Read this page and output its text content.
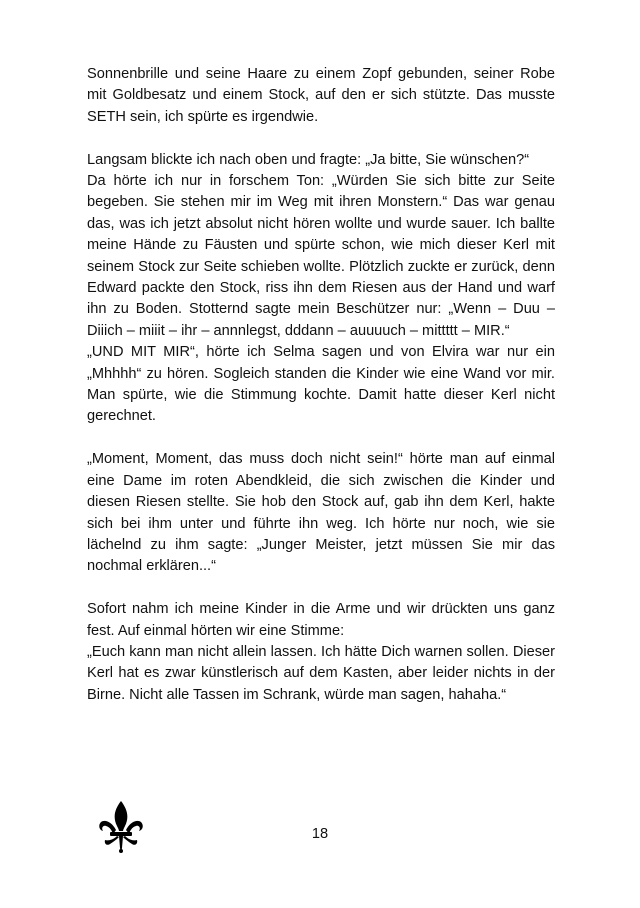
Sonnenbrille und seine Haare zu einem Zopf gebunden, seiner Robe mit Goldbesatz und einem Stock, auf den er sich stützte. Das musste SETH sein, ich spürte es irgendwie.

Langsam blickte ich nach oben und fragte: „Ja bitte, Sie wünschen?“
Da hörte ich nur in forschem Ton: „Würden Sie sich bitte zur Seite begeben. Sie stehen mir im Weg mit ihren Monstern.“ Das war genau das, was ich jetzt absolut nicht hören wollte und wurde sauer. Ich ballte meine Hände zu Fäusten und spürte schon, wie mich dieser Kerl mit seinem Stock zur Seite schieben wollte. Plötzlich zuckte er zurück, denn Edward packte den Stock, riss ihn dem Riesen aus der Hand und warf ihn zu Boden. Stotternd sagte mein Beschützer nur: „Wenn – Duu – Diiich – miiit – ihr – annnlegst, dddann – auuuuch – mittttt – MIR.“
„UND MIT MIR“, hörte ich Selma sagen und von Elvira war nur ein „Mhhhh“ zu hören. Sogleich standen die Kinder wie eine Wand vor mir. Man spürte, wie die Stimmung kochte. Damit hatte dieser Kerl nicht gerechnet.

„Moment, Moment, das muss doch nicht sein!“ hörte man auf einmal eine Dame im roten Abendkleid, die sich zwischen die Kinder und diesen Riesen stellte. Sie hob den Stock auf, gab ihn dem Kerl, hakte sich bei ihm unter und führte ihn weg. Ich hörte nur noch, wie sie lächelnd zu ihm sagte: „Junger Meister, jetzt müssen Sie mir das nochmal erklären...“

Sofort nahm ich meine Kinder in die Arme und wir drückten uns ganz fest. Auf einmal hörten wir eine Stimme:
„Euch kann man nicht allein lassen. Ich hätte Dich warnen sollen. Dieser Kerl hat es zwar künstlerisch auf dem Kasten, aber leider nichts in der Birne. Nicht alle Tassen im Schrank, würde man sagen, hahaha.“

18
